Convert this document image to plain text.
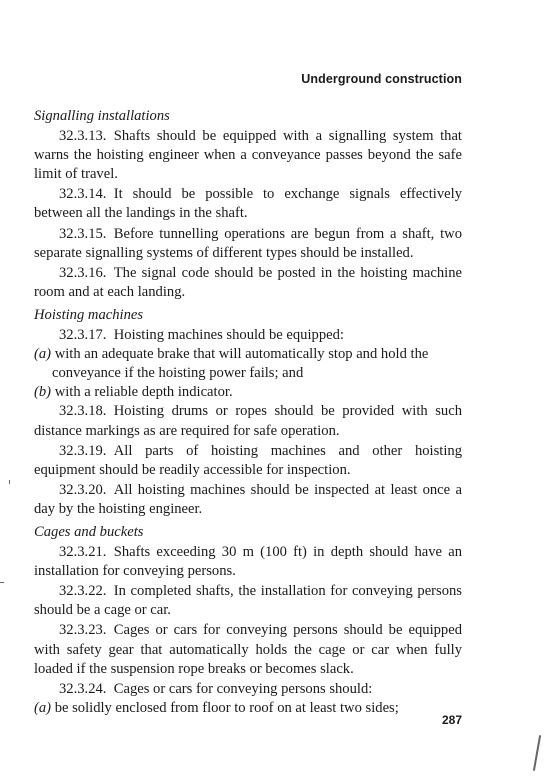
Underground construction

Signalling installations

32.3.13.  Shafts should be equipped with a signalling system that warns the hoisting engineer when a conveyance passes beyond the safe limit of travel.

32.3.14.  It should be possible to exchange signals effectively between all the landings in the shaft.

32.3.15.  Before tunnelling operations are begun from a shaft, two separate signalling systems of different types should be installed.

32.3.16.  The signal code should be posted in the hoisting machine room and at each landing.

Hoisting machines

32.3.17.  Hoisting machines should be equipped:

(a) with an adequate brake that will automatically stop and hold the conveyance if the hoisting power fails; and

(b) with a reliable depth indicator.

32.3.18.  Hoisting drums or ropes should be provided with such distance markings as are required for safe operation.

32.3.19.  All parts of hoisting machines and other hoisting equipment should be readily accessible for inspection.

32.3.20.  All hoisting machines should be inspected at least once a day by the hoisting engineer.

Cages and buckets

32.3.21.  Shafts exceeding 30 m (100 ft) in depth should have an installation for conveying persons.

32.3.22.  In completed shafts, the installation for conveying persons should be a cage or car.

32.3.23.  Cages or cars for conveying persons should be equipped with safety gear that automatically holds the cage or car when fully loaded if the suspension rope breaks or becomes slack.

32.3.24.  Cages or cars for conveying persons should:

(a) be solidly enclosed from floor to roof on at least two sides;

287
